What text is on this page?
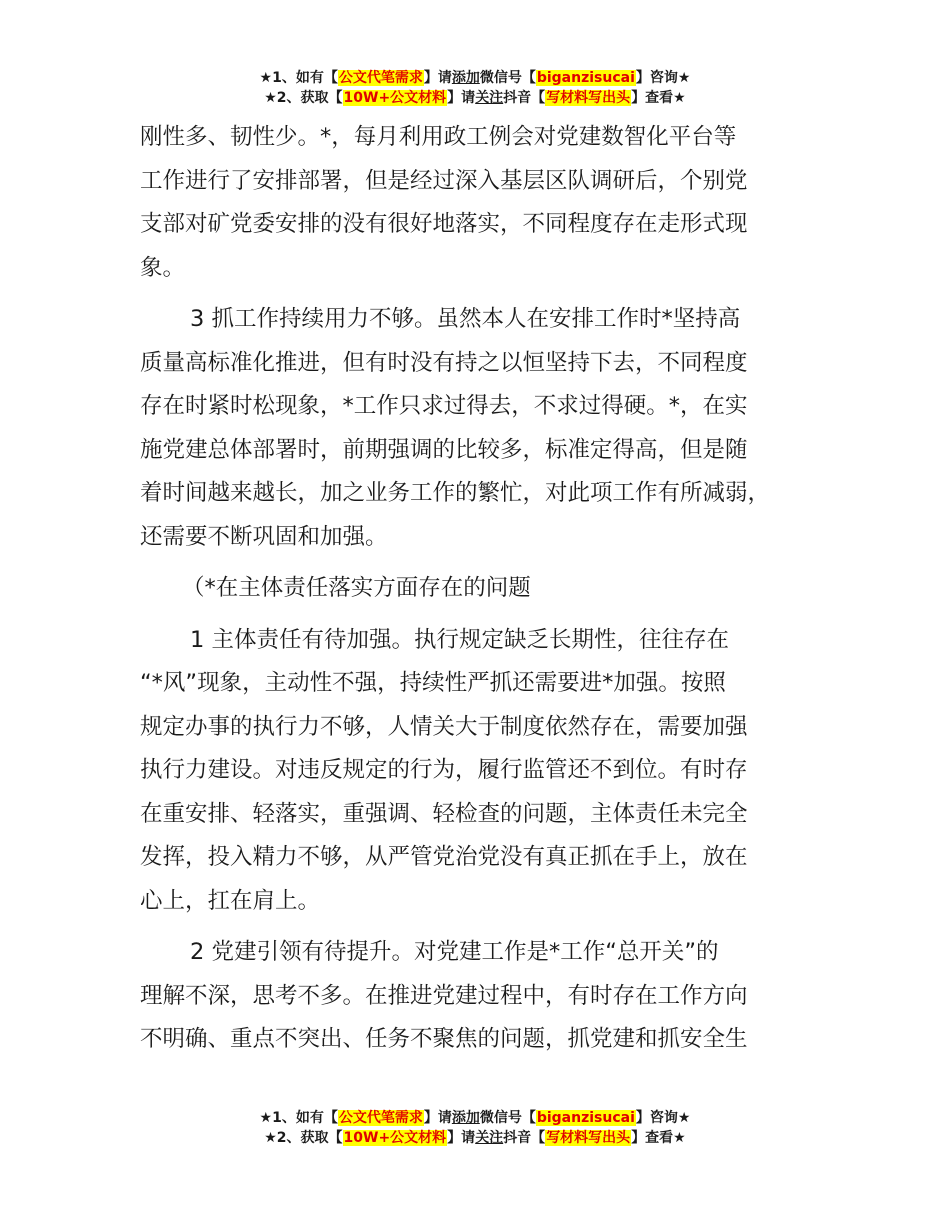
★1、如有【公文代笔需求】请添加微信号【biganzisucai】咨询★
★2、获取【10W+公文材料】请关注抖音【写材料写出头】查看★
刚性多、韧性少。*，每月利用政工例会对党建数智化平台等
工作进行了安排部署，但是经过深入基层区队调研后，个别党
支部对矿党委安排的没有很好地落实，不同程度存在走形式现
象。
3 抓工作持续用力不够。虽然本人在安排工作时*坚持高
质量高标准化推进，但有时没有持之以恒坚持下去，不同程度
存在时紧时松现象，*工作只求过得去，不求过得硬。*，在实
施党建总体部署时，前期强调的比较多，标准定得高，但是随
着时间越来越长，加之业务工作的繁忙，对此项工作有所减弱，
还需要不断巩固和加强。
（*在主体责任落实方面存在的问题
1 主体责任有待加强。执行规定缺乏长期性，往往存在
“*风”现象，主动性不强，持续性严抓还需要进*加强。按照
规定办事的执行力不够，人情关大于制度依然存在，需要加强
执行力建设。对违反规定的行为，履行监管还不到位。有时存
在重安排、轻落实，重强调、轻检查的问题，主体责任未完全
发挥，投入精力不够，从严管党治党没有真正抓在手上，放在
心上，扛在肩上。
2 党建引领有待提升。对党建工作是*工作“总开关”的
理解不深，思考不多。在推进党建过程中，有时存在工作方向
不明确、重点不突出、任务不聚焦的问题，抓党建和抓安全生
★1、如有【公文代笔需求】请添加微信号【biganzisucai】咨询★
★2、获取【10W+公文材料】请关注抖音【写材料写出头】查看★
